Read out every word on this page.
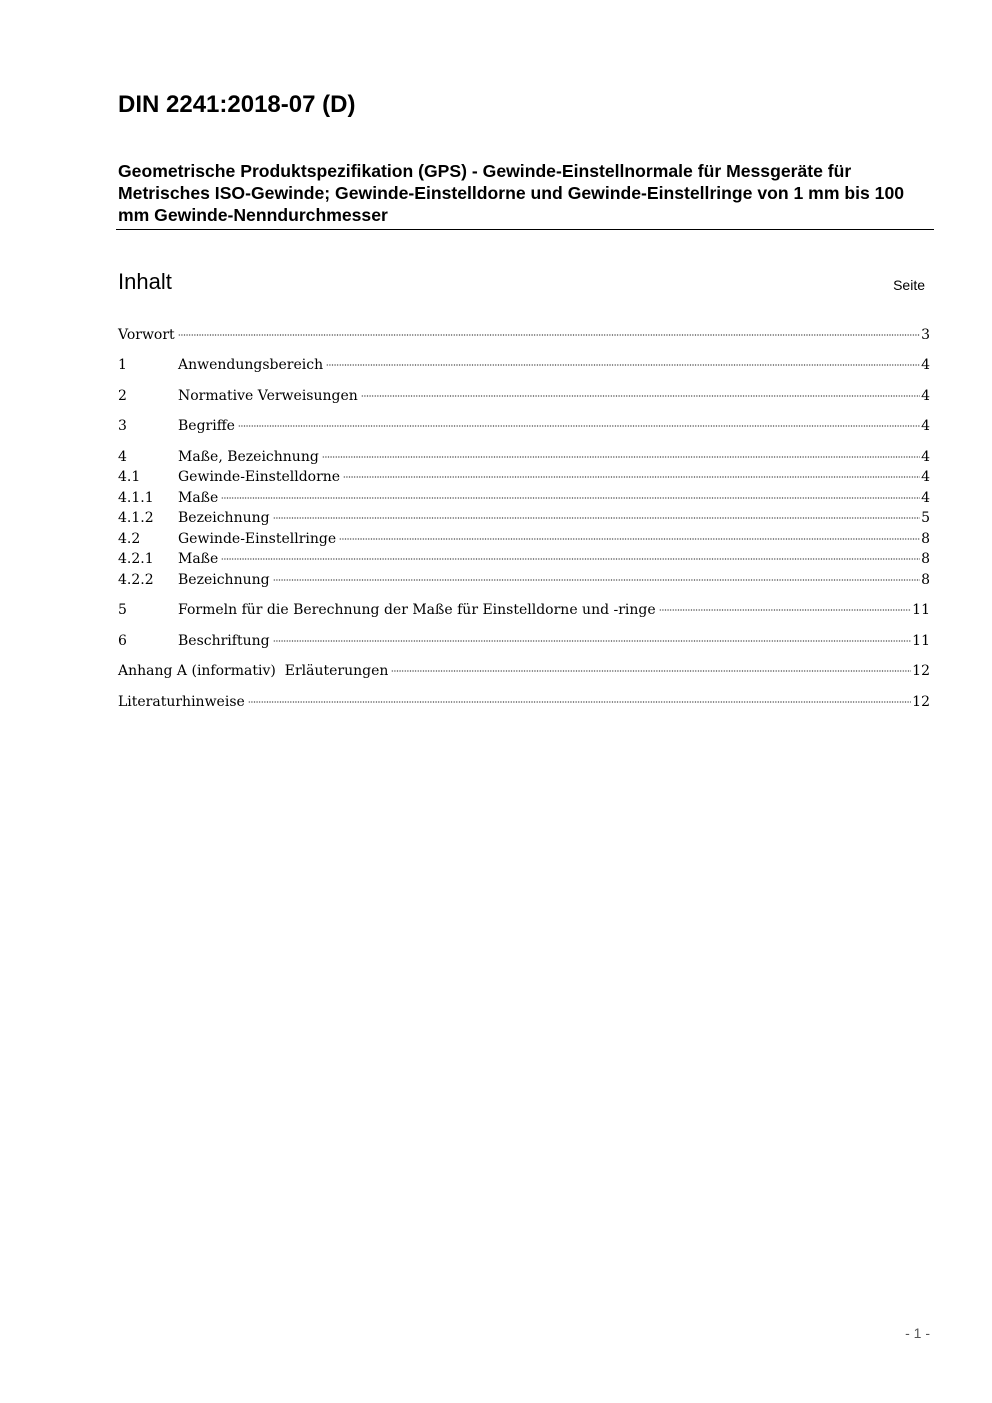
DIN 2241:2018-07 (D)
Geometrische Produktspezifikation (GPS) - Gewinde-Einstellnormale für Messgeräte für Metrisches ISO-Gewinde; Gewinde-Einstelldorne und Gewinde-Einstellringe von 1 mm bis 100 mm Gewinde-Nenndurchmesser
Inhalt	Seite
Vorwort	3
1	Anwendungsbereich	4
2	Normative Verweisungen	4
3	Begriffe	4
4	Maße, Bezeichnung	4
4.1	Gewinde-Einstelldorne	4
4.1.1	Maße	4
4.1.2	Bezeichnung	5
4.2	Gewinde-Einstellringe	8
4.2.1	Maße	8
4.2.2	Bezeichnung	8
5	Formeln für die Berechnung der Maße für Einstelldorne und -ringe	11
6	Beschriftung	11
Anhang A (informativ)  Erläuterungen	12
Literaturhinweise	12
- 1 -
